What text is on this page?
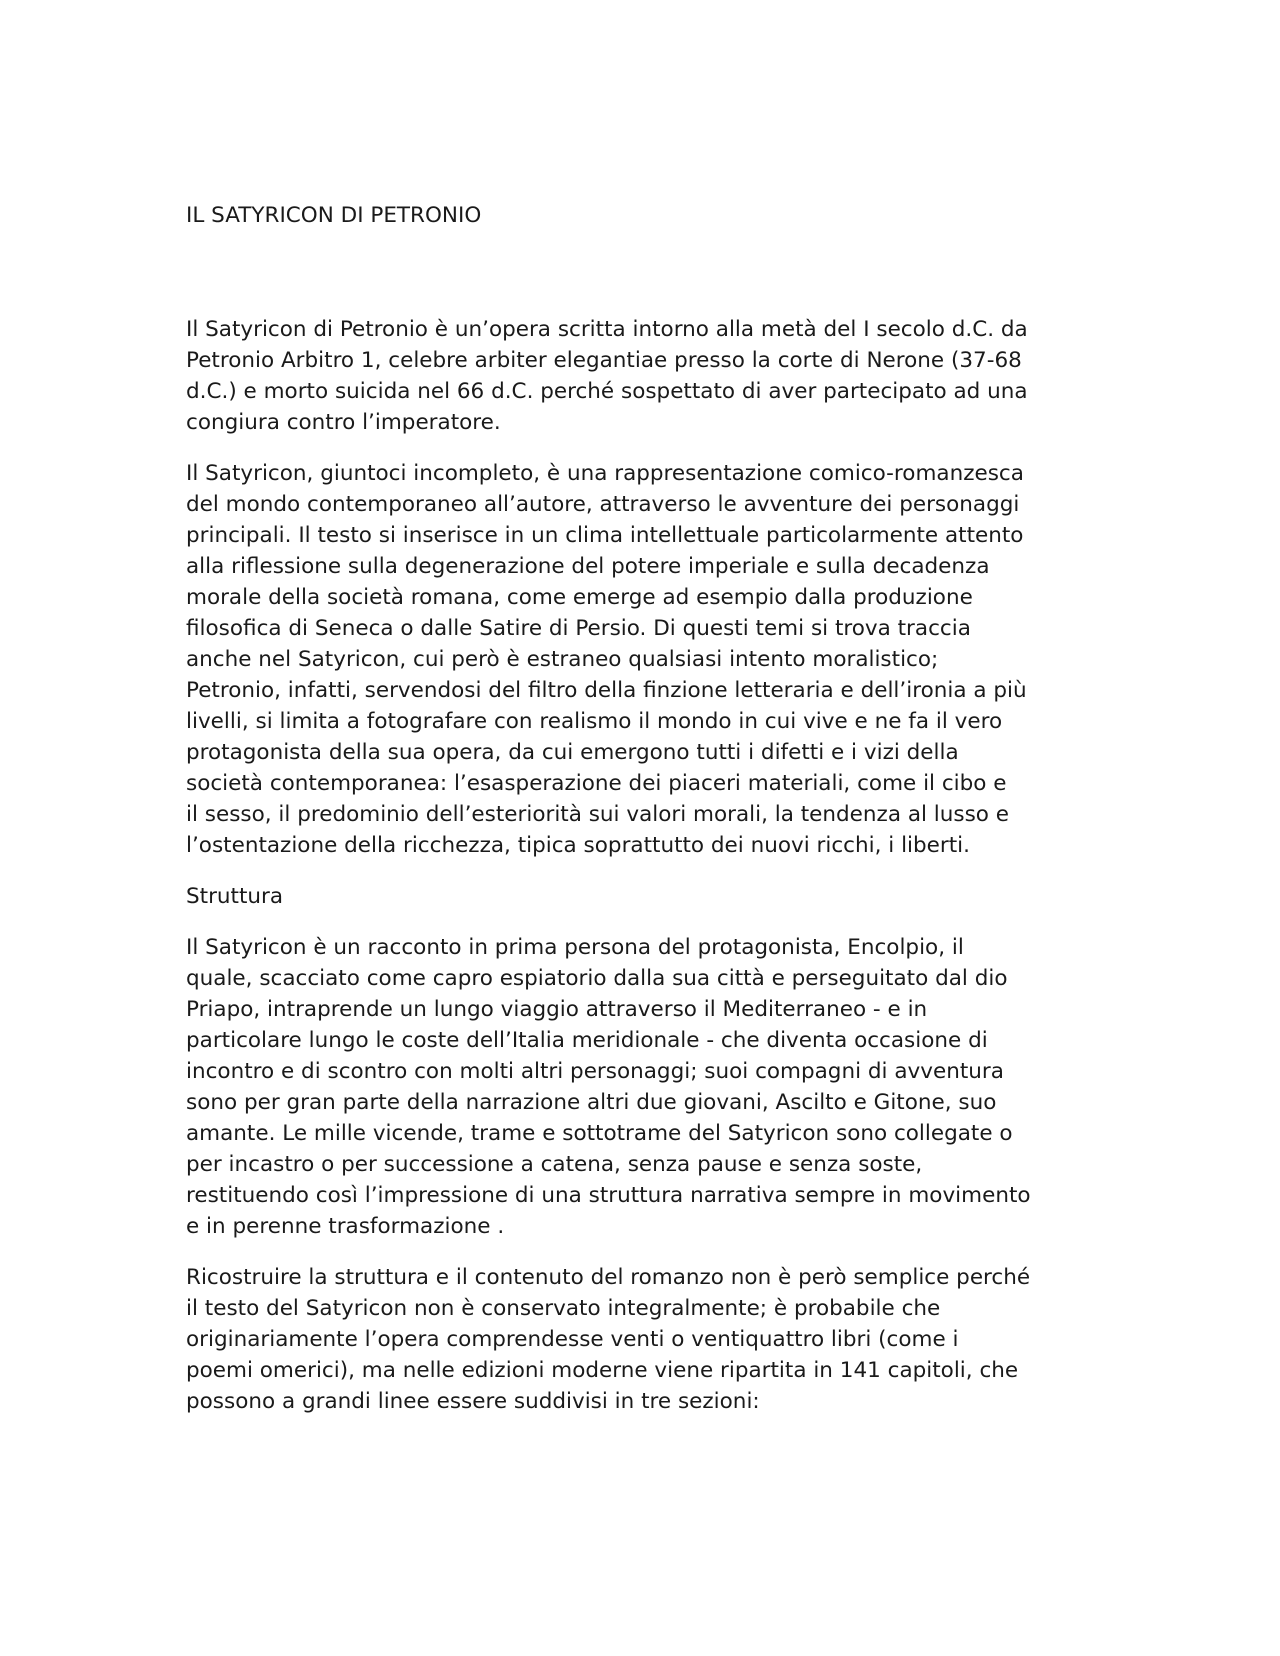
IL SATYRICON DI PETRONIO

Il Satyricon di Petronio è un’opera scritta intorno alla metà del I secolo d.C. da
Petronio Arbitro 1, celebre arbiter elegantiae presso la corte di Nerone (37-68
d.C.) e morto suicida nel 66 d.C. perché sospettato di aver partecipato ad una
congiura contro l’imperatore.

Il Satyricon, giuntoci incompleto, è una rappresentazione comico-romanzesca
del mondo contemporaneo all’autore, attraverso le avventure dei personaggi
principali. Il testo si inserisce in un clima intellettuale particolarmente attento
alla riflessione sulla degenerazione del potere imperiale e sulla decadenza
morale della società romana, come emerge ad esempio dalla produzione
filosofica di Seneca o dalle Satire di Persio. Di questi temi si trova traccia
anche nel Satyricon, cui però è estraneo qualsiasi intento moralistico;
Petronio, infatti, servendosi del filtro della finzione letteraria e dell’ironia a più
livelli, si limita a fotografare con realismo il mondo in cui vive e ne fa il vero
protagonista della sua opera, da cui emergono tutti i difetti e i vizi della
società contemporanea: l’esasperazione dei piaceri materiali, come il cibo e
il sesso, il predominio dell’esteriorità sui valori morali, la tendenza al lusso e
l’ostentazione della ricchezza, tipica soprattutto dei nuovi ricchi, i liberti.

Struttura

Il Satyricon è un racconto in prima persona del protagonista, Encolpio, il
quale, scacciato come capro espiatorio dalla sua città e perseguitato dal dio
Priapo, intraprende un lungo viaggio attraverso il Mediterraneo - e in
particolare lungo le coste dell’Italia meridionale - che diventa occasione di
incontro e di scontro con molti altri personaggi; suoi compagni di avventura
sono per gran parte della narrazione altri due giovani, Ascilto e Gitone, suo
amante. Le mille vicende, trame e sottotrame del Satyricon sono collegate o
per incastro o per successione a catena, senza pause e senza soste,
restituendo così l’impressione di una struttura narrativa sempre in movimento
e in perenne trasformazione .

Ricostruire la struttura e il contenuto del romanzo non è però semplice perché
il testo del Satyricon non è conservato integralmente; è probabile che
originariamente l’opera comprendesse venti o ventiquattro libri (come i
poemi omerici), ma nelle edizioni moderne viene ripartita in 141 capitoli, che
possono a grandi linee essere suddivisi in tre sezioni:
